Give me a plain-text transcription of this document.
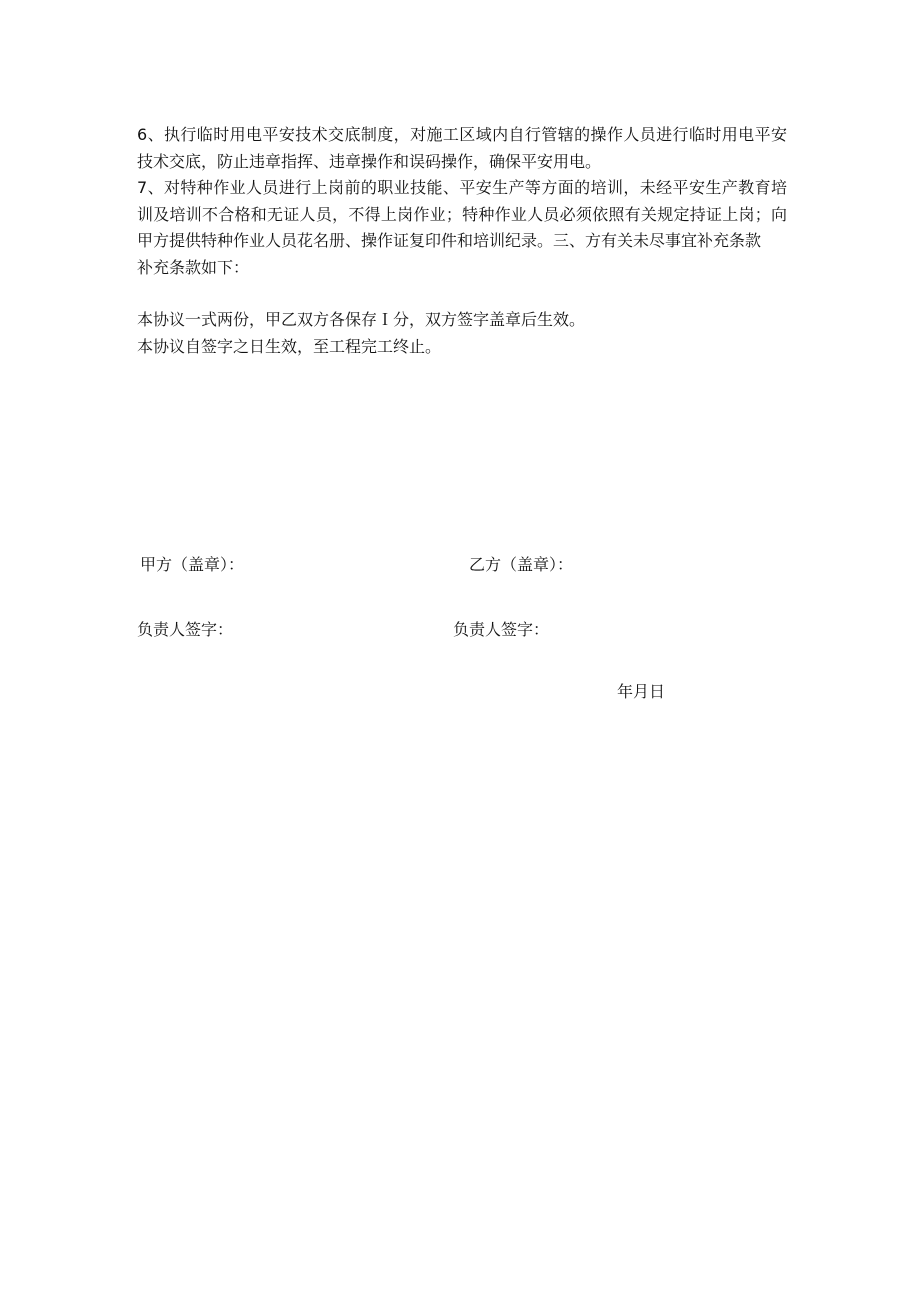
6、执行临时用电平安技术交底制度，对施工区域内自行管辖的操作人员进行临时用电平安技术交底，防止违章指挥、违章操作和误码操作，确保平安用电。

7、对特种作业人员进行上岗前的职业技能、平安生产等方面的培训，未经平安生产教育培训及培训不合格和无证人员，不得上岗作业；特种作业人员必须依照有关规定持证上岗；向甲方提供特种作业人员花名册、操作证复印件和培训纪录。三、方有关未尽事宜补充条款

补充条款如下：

本协议一式两份，甲乙双方各保存Ｉ分，双方签字盖章后生效。

本协议自签字之日生效，至工程完工终止。

甲方（盖章）：	乙方（盖章）：
负责人签字：	负责人签字：
年月日
